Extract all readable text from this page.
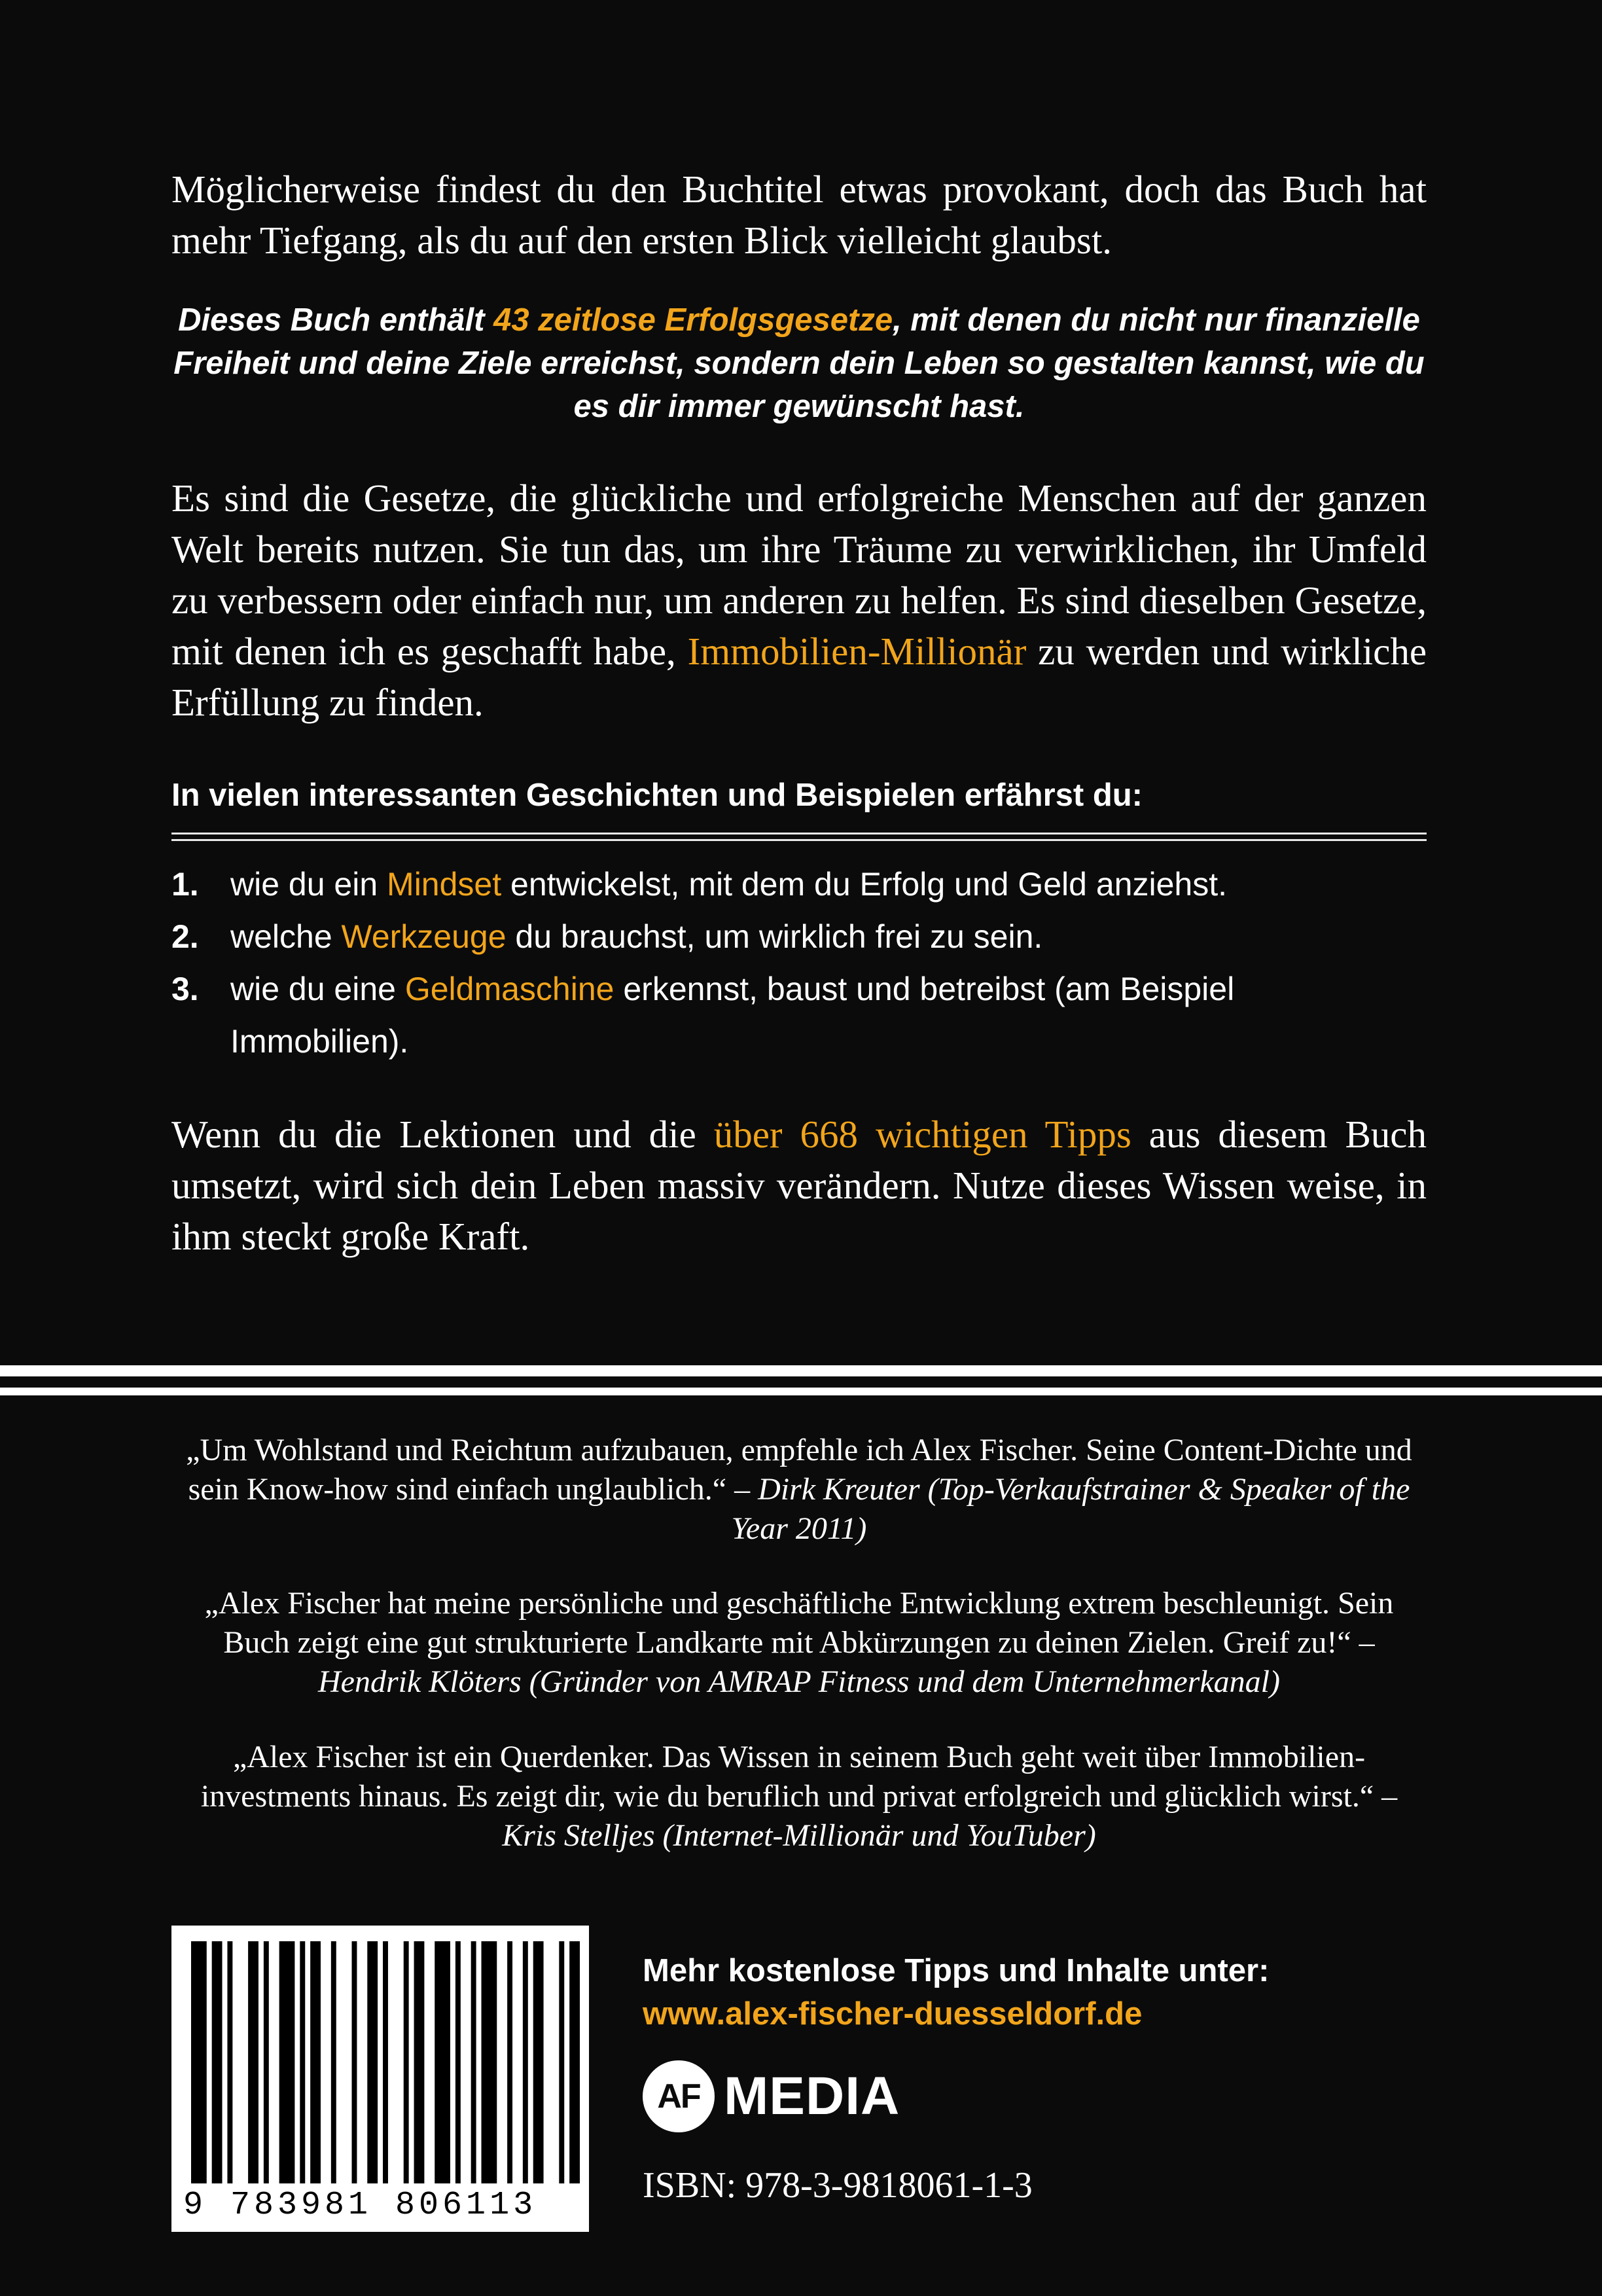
Möglicherweise findest du den Buchtitel etwas provokant, doch das Buch hat mehr Tiefgang, als du auf den ersten Blick vielleicht glaubst.

Dieses Buch enthält 43 zeitlose Erfolgsgesetze, mit denen du nicht nur finanzielle Freiheit und deine Ziele erreichst, sondern dein Leben so gestalten kannst, wie du es dir immer gewünscht hast.

Es sind die Gesetze, die glückliche und erfolgreiche Menschen auf der ganzen Welt bereits nutzen. Sie tun das, um ihre Träume zu verwirklichen, ihr Umfeld zu verbessern oder einfach nur, um anderen zu helfen. Es sind dieselben Gesetze, mit denen ich es geschafft habe, Immobilien-Millionär zu werden und wirkliche Erfüllung zu finden.

In vielen interessanten Geschichten und Beispielen erfährst du:

1. wie du ein Mindset entwickelst, mit dem du Erfolg und Geld anziehst.
2. welche Werkzeuge du brauchst, um wirklich frei zu sein.
3. wie du eine Geldmaschine erkennst, baust und betreibst (am Beispiel Immobilien).

Wenn du die Lektionen und die über 668 wichtigen Tipps aus diesem Buch umsetzt, wird sich dein Leben massiv verändern. Nutze dieses Wissen weise, in ihm steckt große Kraft.

„Um Wohlstand und Reichtum aufzubauen, empfehle ich Alex Fischer. Seine Content-Dichte und sein Know-how sind einfach unglaublich.“ – Dirk Kreuter (Top-Verkaufstrainer & Speaker of the Year 2011)

„Alex Fischer hat meine persönliche und geschäftliche Entwicklung extrem beschleunigt. Sein Buch zeigt eine gut strukturierte Landkarte mit Abkürzungen zu deinen Zielen. Greif zu!“ – Hendrik Klöters (Gründer von AMRAP Fitness und dem Unternehmerkanal)

„Alex Fischer ist ein Querdenker. Das Wissen in seinem Buch geht weit über Immobilien-investments hinaus. Es zeigt dir, wie du beruflich und privat erfolgreich und glücklich wirst.“ – Kris Stelljes (Internet-Millionär und YouTuber)

9 783981 806113
Mehr kostenlose Tipps und Inhalte unter:
www.alex-fischer-duesseldorf.de
AF MEDIA
ISBN: 978-3-9818061-1-3
